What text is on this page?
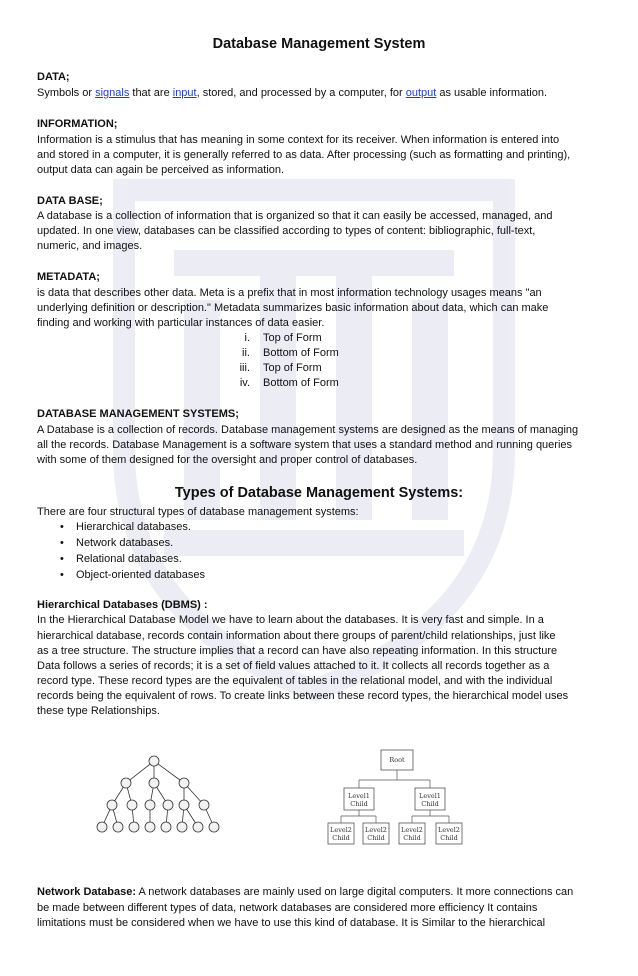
Database Management System
DATA;
Symbols or signals that are input, stored, and processed by a computer, for output as usable information.
INFORMATION;
Information is a stimulus that has meaning in some context for its receiver. When information is entered into
and stored in a computer, it is generally referred to as data. After processing (such as formatting and printing),
output data can again be perceived as information.
DATA BASE;
A database is a collection of information that is organized so that it can easily be accessed, managed, and
updated. In one view, databases can be classified according to types of content: bibliographic, full-text,
numeric, and images.
METADATA;
is data that describes other data. Meta is a prefix that in most information technology usages means "an
underlying definition or description." Metadata summarizes basic information about data, which can make
finding and working with particular instances of data easier.
i. Top of Form
ii. Bottom of Form
iii. Top of Form
iv. Bottom of Form
DATABASE MANAGEMENT SYSTEMS;
A Database is a collection of records. Database management systems are designed as the means of managing
all the records. Database Management is a software system that uses a standard method and running queries
with some of them designed for the oversight and proper control of databases.
Types of Database Management Systems:
There are four structural types of database management systems:
• Hierarchical databases.
• Network databases.
• Relational databases.
• Object-oriented databases
Hierarchical Databases (DBMS) :
In the Hierarchical Database Model we have to learn about the databases. It is very fast and simple. In a
hierarchical database, records contain information about there groups of parent/child relationships, just like
as a tree structure. The structure implies that a record can have also repeating information. In this structure
Data follows a series of records; it is a set of field values attached to it. It collects all records together as a
record type. These record types are the equivalent of tables in the relational model, and with the individual
records being the equivalent of rows. To create links between these record types, the hierarchical model uses
these type Relationships.
Root
Level1
Child
Level1
Child
Level2
Child
Level2
Child
Level2
Child
Level2
Child
Network Database: A network databases are mainly used on large digital computers. It more connections can
be made between different types of data, network databases are considered more efficiency It contains
limitations must be considered when we have to use this kind of database. It is Similar to the hierarchical
